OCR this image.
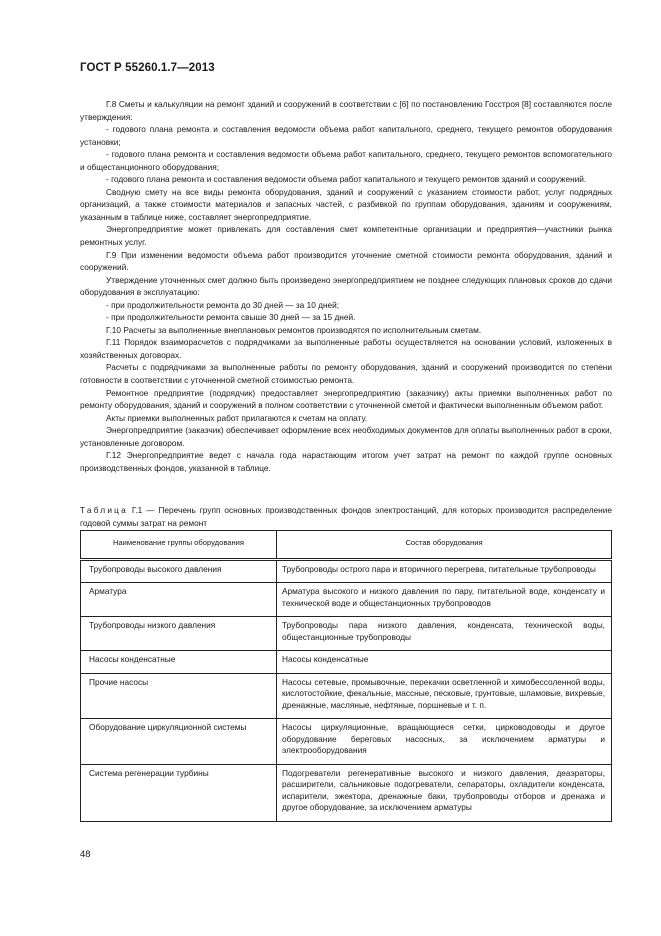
ГОСТ Р 55260.1.7—2013

Г.8 Сметы и калькуляции на ремонт зданий и сооружений в соответствии с [6] по постановлению Госстроя [8] составляются после утверждения:

- годового плана ремонта и составления ведомости объема работ капитального, среднего, текущего ремонтов оборудования установки;

- годового плана ремонта и составления ведомости объема работ капитального, среднего, текущего ремонтов вспомогательного и общестанционного оборудования;

- годового плана ремонта и составления ведомости объема работ капитального и текущего ремонтов зданий и сооружений.

Сводную смету на все виды ремонта оборудования, зданий и сооружений с указанием стоимости работ, услуг подрядных организаций, а также стоимости материалов и запасных частей, с разбивкой по группам оборудования, зданиям и сооружениям, указанным в таблице ниже, составляет энергопредприятие.

Энергопредприятие может привлекать для составления смет компетентные организации и предприятия—участники рынка ремонтных услуг.

Г.9 При изменении ведомости объема работ производится уточнение сметной стоимости ремонта оборудования, зданий и сооружений.

Утверждение уточненных смет должно быть произведено энергопредприятием не позднее следующих плановых сроков до сдачи оборудования в эксплуатацию:

- при продолжительности ремонта до 30 дней — за 10 дней;

- при продолжительности ремонта свыше 30 дней — за 15 дней.

Г.10 Расчеты за выполненные внеплановых ремонтов производятся по исполнительным сметам.

Г.11 Порядок взаиморасчетов с подрядчиками за выполненные работы осуществляется на основании условий, изложенных в хозяйственных договорах.

Расчеты с подрядчиками за выполненные работы по ремонту оборудования, зданий и сооружений производится по степени готовности в соответствии с уточненной сметной стоимостью ремонта.

Ремонтное предприятие (подрядчик) предоставляет энергопредприятию (заказчику) акты приемки выполненных работ по ремонту оборудования, зданий и сооружений в полном соответствии с уточненной сметой и фактически выполненным объемом работ.

Акты приемки выполненных работ прилагаются к счетам на оплату.

Энергопредприятие (заказчик) обеспечивает оформление всех необходимых документов для оплаты выполненных работ в сроки, установленные договором.

Г.12 Энергопредприятие ведет с начала года нарастающим итогом учет затрат на ремонт по каждой группе основных производственных фондов, указанной в таблице.

Таблица Г.1 — Перечень групп основных производственных фондов электростанций, для которых производится распределение годовой суммы затрат на ремонт
Наименование группы оборудования	Состав оборудования
Трубопроводы высокого давления	Трубопроводы острого пара и вторичного перегрева, питательные трубопроводы
Арматура	Арматура высокого и низкого давления по пару, питательной воде, конденсату и технической воде и общестанционных трубопроводов
Трубопроводы низкого давления	Трубопроводы пара низкого давления, конденсата, технической воды, общестанционные трубопроводы
Насосы конденсатные	Насосы конденсатные
Прочие насосы	Насосы сетевые, промывочные, перекачки осветленной и химобессоленной воды, кислотостойкие, фекальные, массные, песковые, грунтовые, шламовые, вихревые, дренажные, масляные, нефтяные, поршневые и т. п.
Оборудование циркуляционной системы	Насосы циркуляционные, вращающиеся сетки, цирководоводы и другое оборудование береговых насосных, за исключением арматуры и электрооборудования
Система регенерации турбины	Подогреватели регенеративные высокого и низкого давления, деаэраторы, расширители, сальниковые подогреватели, сепараторы, охладители конденсата, испарители, эжектора, дренажные баки, трубопроводы отборов и дренажа и другое оборудование, за исключением арматуры
48
